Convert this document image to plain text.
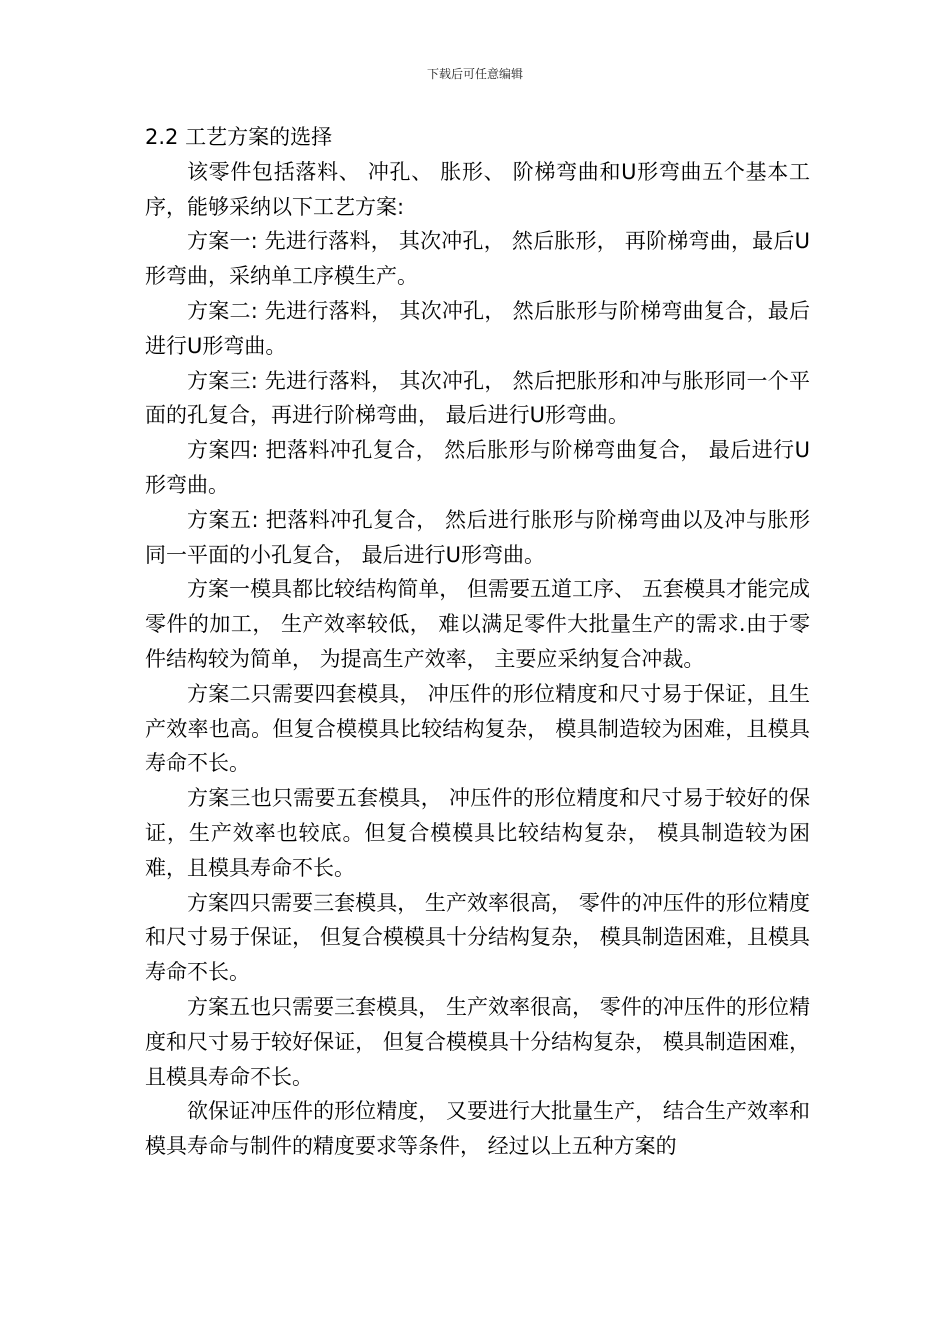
下载后可任意编辑
2.2 工艺方案的选择

该零件包括落料、 冲孔、 胀形、 阶梯弯曲和U形弯曲五个基本工序，能够采纳以下工艺方案:

方案一: 先进行落料， 其次冲孔， 然后胀形， 再阶梯弯曲，最后U形弯曲，采纳单工序模生产。

方案二: 先进行落料， 其次冲孔， 然后胀形与阶梯弯曲复合，最后进行U形弯曲。

方案三: 先进行落料， 其次冲孔， 然后把胀形和冲与胀形同一个平面的孔复合，再进行阶梯弯曲， 最后进行U形弯曲。

方案四: 把落料冲孔复合， 然后胀形与阶梯弯曲复合， 最后进行U形弯曲。

方案五: 把落料冲孔复合， 然后进行胀形与阶梯弯曲以及冲与胀形同一平面的小孔复合， 最后进行U形弯曲。

方案一模具都比较结构简单， 但需要五道工序、 五套模具才能完成零件的加工， 生产效率较低， 难以满足零件大批量生产的需求.由于零件结构较为简单， 为提高生产效率， 主要应采纳复合冲裁。

方案二只需要四套模具， 冲压件的形位精度和尺寸易于保证，且生产效率也高。但复合模模具比较结构复杂， 模具制造较为困难，且模具寿命不长。

方案三也只需要五套模具， 冲压件的形位精度和尺寸易于较好的保证，生产效率也较底。但复合模模具比较结构复杂， 模具制造较为困难，且模具寿命不长。

方案四只需要三套模具， 生产效率很高， 零件的冲压件的形位精度和尺寸易于保证， 但复合模模具十分结构复杂， 模具制造困难，且模具寿命不长。

方案五也只需要三套模具， 生产效率很高， 零件的冲压件的形位精度和尺寸易于较好保证， 但复合模模具十分结构复杂， 模具制造困难，且模具寿命不长。

欲保证冲压件的形位精度， 又要进行大批量生产， 结合生产效率和模具寿命与制件的精度要求等条件， 经过以上五种方案的
